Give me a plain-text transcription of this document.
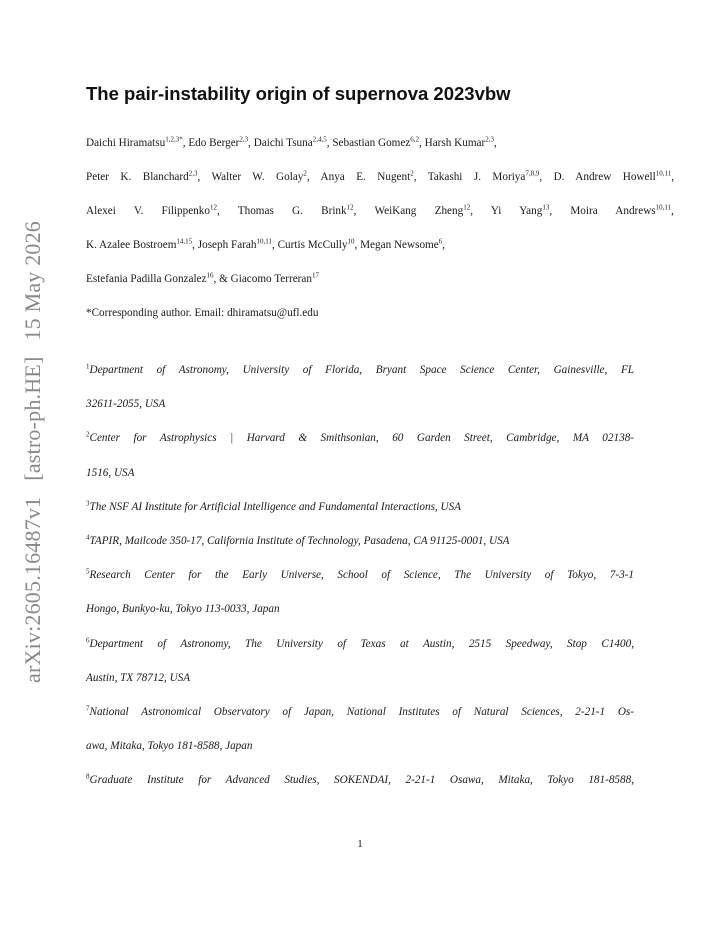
arXiv:2605.16487v1[astro-ph.HE]15 May 2026
The pair-instability origin of supernova 2023vbw
Daichi Hiramatsu$^{1,2,3*}$, Edo Berger$^{2,3}$, Daichi Tsuna$^{2,4,5}$, Sebastian Gomez$^{6,2}$, Harsh Kumar$^{2,3}$,
Peter K. Blanchard$^{2,3}$, Walter W. Golay$^2$, Anya E. Nugent$^2$, Takashi J. Moriya$^{7,8,9}$, D. Andrew Howell$^{10,11}$,
Alexei V. Filippenko$^{12}$, Thomas G. Brink$^{12}$, WeiKang Zheng$^{12}$, Yi Yang$^{13}$, Moira Andrews$^{10,11}$,
K. Azalee Bostroem$^{14,15}$, Joseph Farah$^{10,11}$, Curtis McCully$^{10}$, Megan Newsome$^6$,
Estefania Padilla Gonzalez$^{16}$, & Giacomo Terreran$^{17}$
*Corresponding author. Email: dhiramatsu@ufl.edu
$^1$Department of Astronomy, University of Florida, Bryant Space Science Center, Gainesville, FL
32611-2055, USA
$^2$Center for Astrophysics | Harvard & Smithsonian, 60 Garden Street, Cambridge, MA 02138-
1516, USA
$^3$The NSF AI Institute for Artificial Intelligence and Fundamental Interactions, USA
$^4$TAPIR, Mailcode 350-17, California Institute of Technology, Pasadena, CA 91125-0001, USA
$^5$Research Center for the Early Universe, School of Science, The University of Tokyo, 7-3-1
Hongo, Bunkyo-ku, Tokyo 113-0033, Japan
$^6$Department of Astronomy, The University of Texas at Austin, 2515 Speedway, Stop C1400,
Austin, TX 78712, USA
$^7$National Astronomical Observatory of Japan, National Institutes of Natural Sciences, 2-21-1 Os-
awa, Mitaka, Tokyo 181-8588, Japan
$^8$Graduate Institute for Advanced Studies, SOKENDAI, 2-21-1 Osawa, Mitaka, Tokyo 181-8588,
1
